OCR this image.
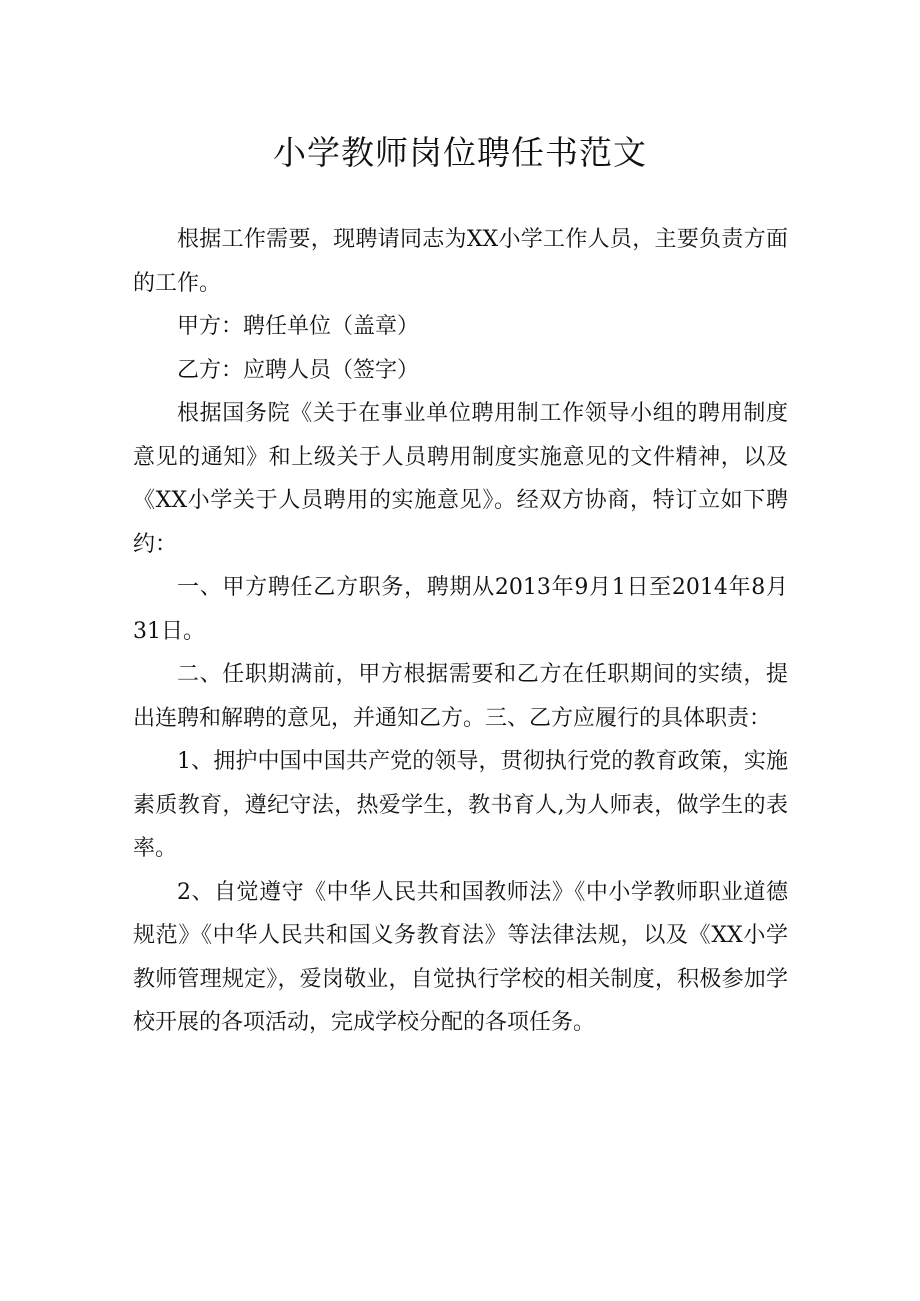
小学教师岗位聘任书范文

根据工作需要，现聘请同志为XX小学工作人员，主要负责方面的工作。

甲方：聘任单位（盖章）

乙方：应聘人员（签字）

根据国务院《关于在事业单位聘用制工作领导小组的聘用制度意见的通知》和上级关于人员聘用制度实施意见的文件精神，以及《XX小学关于人员聘用的实施意见》。经双方协商，特订立如下聘约：

一、甲方聘任乙方职务，聘期从2013年9月1日至2014年8月31日。

二、任职期满前，甲方根据需要和乙方在任职期间的实绩，提出连聘和解聘的意见，并通知乙方。三、乙方应履行的具体职责：

1、拥护中国中国共产党的领导，贯彻执行党的教育政策，实施素质教育，遵纪守法，热爱学生，教书育人,为人师表，做学生的表率。

2、自觉遵守《中华人民共和国教师法》《中小学教师职业道德规范》《中华人民共和国义务教育法》等法律法规，以及《XX小学教师管理规定》，爱岗敬业，自觉执行学校的相关制度，积极参加学校开展的各项活动，完成学校分配的各项任务。
